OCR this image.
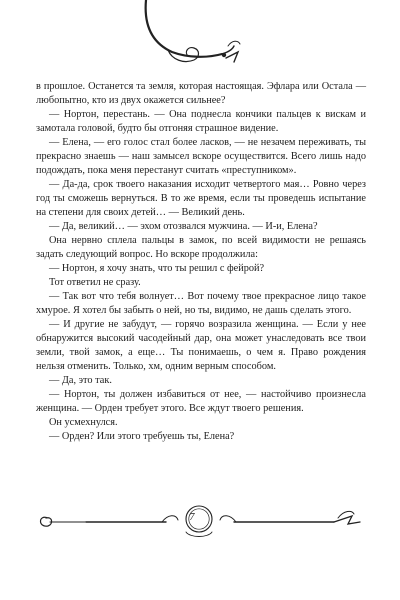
в прошлое. Останется та земля, которая настоящая. Эфлара или Остала — любопытно, кто из двух окажется сильнее?

— Нортон, перестань. — Она поднесла кончики пальцев к вискам и замотала головой, будто бы отгоняя страшное видение.

— Елена, — его голос стал более ласков, — не незачем переживать, ты прекрасно знаешь — наш замысел вскоре осуществится. Всего лишь надо подождать, пока меня перестанут считать «преступником».

— Да-да, срок твоего наказания исходит четвертого мая… Ровно через год ты сможешь вернуться. В то же время, если ты проведешь испытание на степени для своих детей… — Великий день.

— Да, великий… — эхом отозвался мужчина. — И-и, Елена?

Она нервно сплела пальцы в замок, по всей видимости не решаясь задать следующий вопрос. Но вскоре продолжила:

— Нортон, я хочу знать, что ты решил с фейрой?

Тот ответил не сразу.

— Так вот что тебя волнует… Вот почему твое прекрасное лицо такое хмурое. Я хотел бы забыть о ней, но ты, видимо, не дашь сделать этого.

— И другие не забудут, — горячо возразила женщина. — Если у нее обнаружится высокий часодейный дар, она может унаследовать все твои земли, твой замок, а еще… Ты понимаешь, о чем я. Право рождения нельзя отменить. Только, хм, одним верным способом.

— Да, это так.

— Нортон, ты должен избавиться от нее, — настойчиво произнесла женщина. — Орден требует этого. Все ждут твоего решения.

Он усмехнулся.

— Орден? Или этого требуешь ты, Елена?

7
